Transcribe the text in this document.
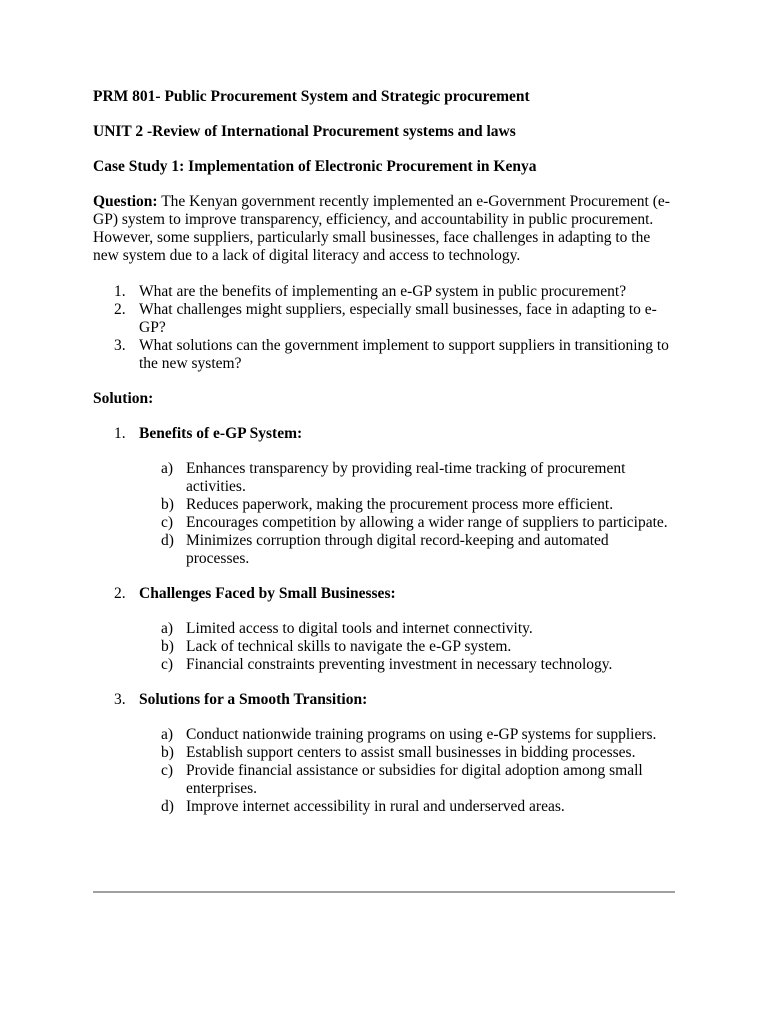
PRM 801- Public Procurement System and Strategic procurement

UNIT 2 -Review of International Procurement systems and laws

Case Study 1: Implementation of Electronic Procurement in Kenya

Question: The Kenyan government recently implemented an e-Government Procurement (e-GP) system to improve transparency, efficiency, and accountability in public procurement. However, some suppliers, particularly small businesses, face challenges in adapting to the new system due to a lack of digital literacy and access to technology.

1. What are the benefits of implementing an e-GP system in public procurement?
2. What challenges might suppliers, especially small businesses, face in adapting to e-GP?
3. What solutions can the government implement to support suppliers in transitioning to the new system?

Solution:

1. Benefits of e-GP System:
a) Enhances transparency by providing real-time tracking of procurement activities.
b) Reduces paperwork, making the procurement process more efficient.
c) Encourages competition by allowing a wider range of suppliers to participate.
d) Minimizes corruption through digital record-keeping and automated processes.
2. Challenges Faced by Small Businesses:
a) Limited access to digital tools and internet connectivity.
b) Lack of technical skills to navigate the e-GP system.
c) Financial constraints preventing investment in necessary technology.
3. Solutions for a Smooth Transition:
a) Conduct nationwide training programs on using e-GP systems for suppliers.
b) Establish support centers to assist small businesses in bidding processes.
c) Provide financial assistance or subsidies for digital adoption among small enterprises.
d) Improve internet accessibility in rural and underserved areas.
